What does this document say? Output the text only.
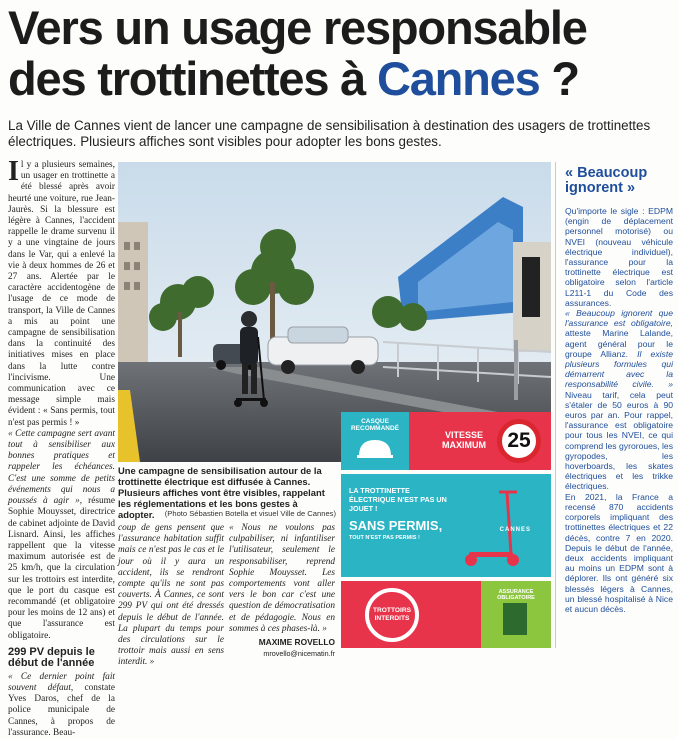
Vers un usage responsable
des trottinettes à Cannes ?
La Ville de Cannes vient de lancer une campagne de sensibilisation à destination des usagers de trottinettes électriques. Plusieurs affiches sont visibles pour adopter les bons gestes.

Il y a plusieurs semaines, un usager en trottinette a été blessé après avoir heurté une voiture, rue Jean-Jaurès. Si la blessure est légère à Cannes, l'accident rappelle le drame survenu il y a une vingtaine de jours dans le Var, qui a enlevé la vie à deux hommes de 26 et 27 ans. Alertée par le caractère accidentogène de l'usage de ce mode de transport, la Ville de Cannes a mis au point une campagne de sensibilisation dans la continuité des initiatives mises en place dans la lutte contre l'incivisme. Une communication avec ce message simple mais évident : « Sans permis, tout n'est pas permis ! »

« Cette campagne sert avant tout à sensibiliser aux bonnes pratiques et rappeler les échéances. C'est une somme de petits événements qui nous a poussés à agir », résume Sophie Mouysset, directrice de cabinet adjointe de David Lisnard. Ainsi, les affiches rappellent que la vitesse maximum autorisée est de 25 km/h, que la circulation sur les trottoirs est interdite, que le port du casque est recommandé (et obligatoire pour les moins de 12 ans) et que l'assurance est obligatoire.

299 PV depuis le début de l'année

« Ce dernier point fait souvent défaut, constate Yves Daros, chef de la police municipale de Cannes, à propos de l'assurance. Beau-

Une campagne de sensibilisation autour de la trottinette électrique est diffusée à Cannes. Plusieurs affiches vont être visibles, rappelant les réglementations et les bons gestes à adopter.	(Photo Sébastien Botella et visuel Ville de Cannes)

coup de gens pensent que l'assurance habitation suffit mais ce n'est pas le cas et le jour où il y aura un accident, ils se rendront compte qu'ils ne sont pas couverts. À Cannes, ce sont 299 PV qui ont été dressés depuis le début de l'année. La plupart du temps pour des circulations sur le trottoir mais aussi en sens interdit. »

« Nous ne voulons pas culpabiliser, ni infantiliser l'utilisateur, seulement le responsabiliser, reprend Sophie Mouysset. Les comportements vont aller vers le bon car c'est une question de démocratisation et de pédagogie. Nous en sommes à ces phases-là. »

MAXIME ROVELLO
mrovello@nicematin.fr
CASQUE RECOMMANDÉ
VITESSE MAXIMUM	25
LA TROTTINETTE ÉLECTRIQUE N'EST PAS UN JOUET !
SANS PERMIS,
TOUT N'EST PAS PERMIS !
CANNES
TROTTOIRS INTERDITS
ASSURANCE OBLIGATOIRE
« Beaucoup ignorent »

Qu'importe le sigle : EDPM (engin de déplacement personnel motorisé) ou NVEI (nouveau véhicule électrique individuel), l'assurance pour la trottinette électrique est obligatoire selon l'article L211-1 du Code des assurances.

« Beaucoup ignorent que l'assurance est obligatoire, atteste Marine Lalande, agent général pour le groupe Allianz. Il existe plusieurs formules qui démarrent avec la responsabilité civile. » Niveau tarif, cela peut s'étaler de 50 euros à 90 euros par an. Pour rappel, l'assurance est obligatoire pour tous les NVEI, ce qui comprend les gyroroues, les gyropodes, les hoverboards, les skates électriques et les trikke électriques.

En 2021, la France a recensé 870 accidents corporels impliquant des trottinettes électriques et 22 décès, contre 7 en 2020. Depuis le début de l'année, deux accidents impliquant au moins un EDPM sont à déplorer. Ils ont généré six blessés légers à Cannes, un blessé hospitalisé à Nice et aucun décès.
